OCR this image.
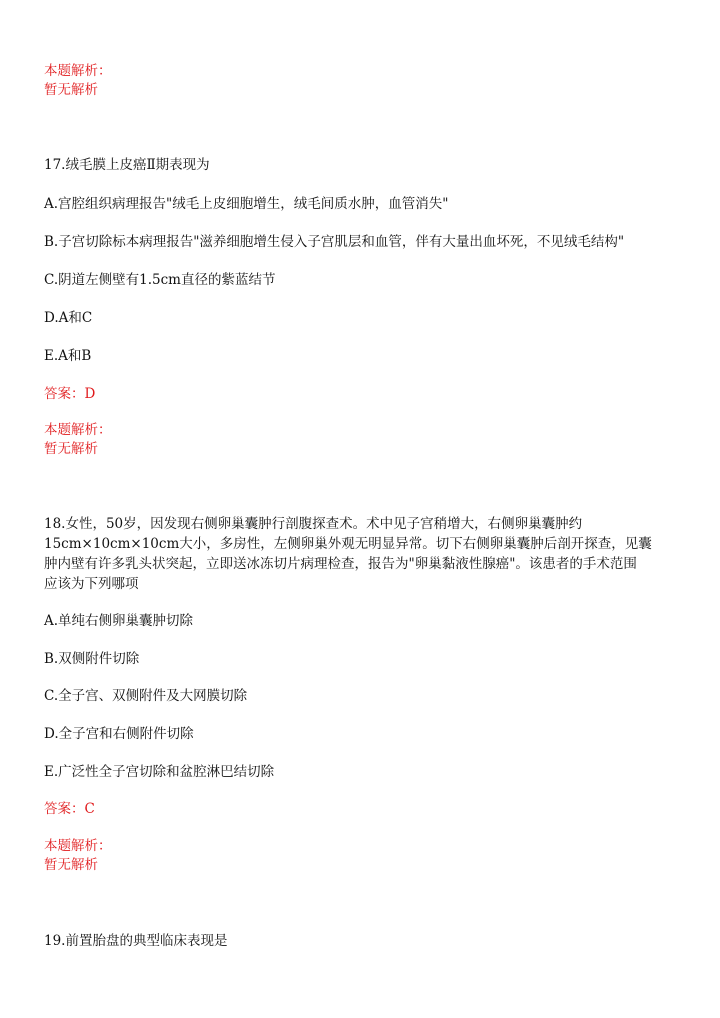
本题解析：
暂无解析
17.绒毛膜上皮癌Ⅱ期表现为
A.宫腔组织病理报告"绒毛上皮细胞增生，绒毛间质水肿，血管消失"
B.子宫切除标本病理报告"滋养细胞增生侵入子宫肌层和血管，伴有大量出血坏死，不见绒毛结构"
C.阴道左侧壁有1.5cm直径的紫蓝结节
D.A和C
E.A和B
答案：D
本题解析：
暂无解析
18.女性，50岁，因发现右侧卵巢囊肿行剖腹探查术。术中见子宫稍增大，右侧卵巢囊肿约
15cm×10cm×10cm大小，多房性，左侧卵巢外观无明显异常。切下右侧卵巢囊肿后剖开探查，见囊
肿内壁有许多乳头状突起，立即送冰冻切片病理检查，报告为"卵巢黏液性腺癌"。该患者的手术范围
应该为下列哪项
A.单纯右侧卵巢囊肿切除
B.双侧附件切除
C.全子宫、双侧附件及大网膜切除
D.全子宫和右侧附件切除
E.广泛性全子宫切除和盆腔淋巴结切除
答案：C
本题解析：
暂无解析
19.前置胎盘的典型临床表现是
